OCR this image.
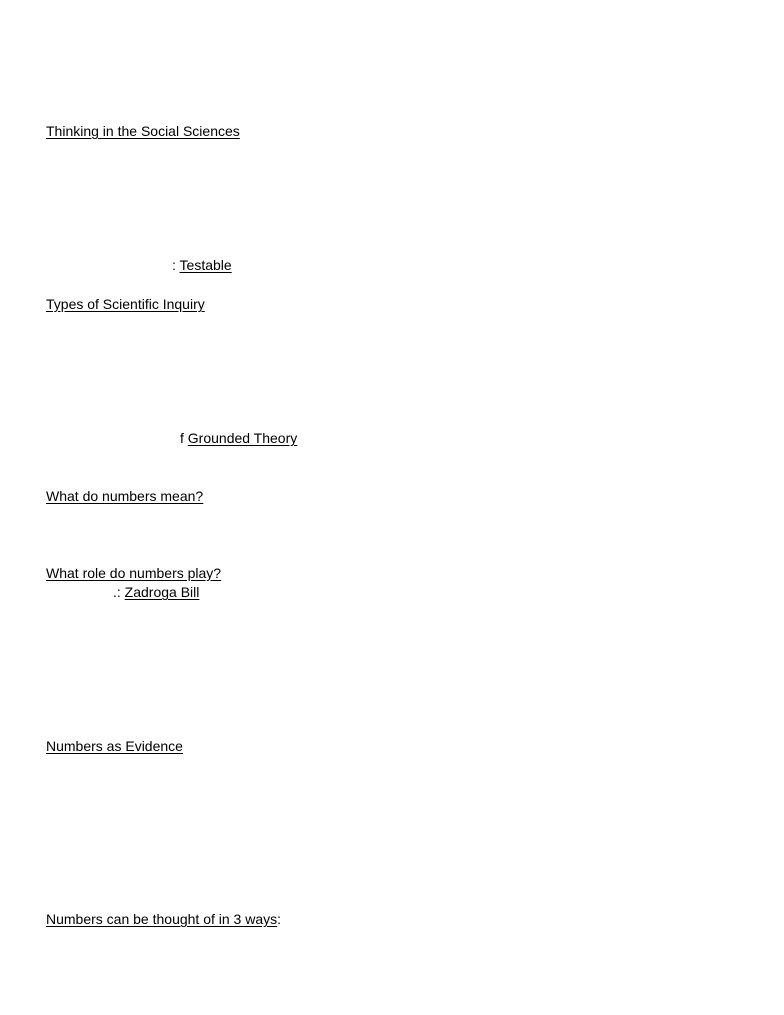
Thinking in the Social Sciences
: Testable
Types of Scientific Inquiry
f Grounded Theory
What do numbers mean?
What role do numbers play?
.: Zadroga Bill
Numbers as Evidence
Numbers can be thought of in 3 ways:
